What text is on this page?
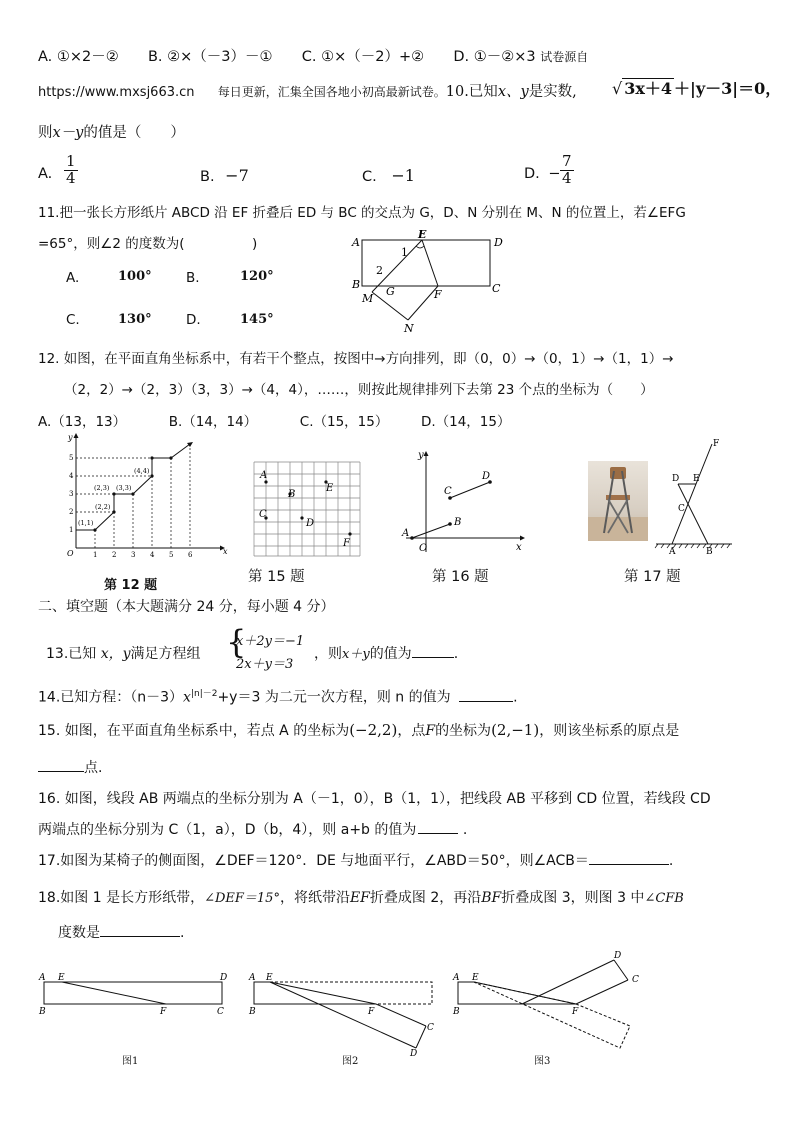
A. ①×2－② B. ②×（－3）－① C. ①×（－2）+② D. ①－②×3 试卷源自
https://www.mxsj663.cn 每日更新，汇集全国各地小初高最新试卷。10.已知x、y是实数, √ 3x＋4 ＋|y－3|＝0，
则x－y的值是（　　）
A. $\frac{1}{4}$	B. −7	C. −1	D. − $\frac{7}{4}$
11.把一张长方形纸片 ABCD 沿 EF 折叠后 ED 与 BC 的交点为 G，D、N 分别在 M、N 的位置上，若∠EFG
=65°，则∠2 的度数为(　　　　　)
A.	100°	B.	120°
C.	130°	D.	145°
A
E
D
1
2
B
G
M	F	C
N
12. 如图，在平面直角坐标系中，有若干个整点，按图中→方向排列，即（0，0）→（0，1）→（1，1）→
（2，2）→（2，3）（3，3）→（4，4），……，则按此规律排列下去第 23 个点的坐标为（　　）
A.（13，13）	B.（14，14）	C.（15，15） D.（14，15）
y
x
O	1 2 3 4 5 6
1
2
3
4
5
(1,1)
(2,2)
(2,3) (3,3)
(4,4)
第 12 题
A
B
C
D
E
F
第 15 题
y
x
O
A
B
C
D
第 16 题
F
D E
C
A	B
第 17 题
二、填空题（本大题满分 24 分，每小题 4 分）
13.已知 x，y满足方程组 {
x＋2y＝−1
2x＋y＝3
，则x＋y的值为	.
14.已知方程：$(n-3)x^{|n|-2}+y=3$ 为二元一次方程，则 n 的值为	.
15. 如图，在平面直角坐标系中，若点 A 的坐标为(−2,2)，点F的坐标为(2,−1)，则该坐标系的原点是
点.
16. 如图，线段 AB 两端点的坐标分别为 A（－1，0），B（1，1），把线段 AB 平移到 CD 位置，若线段 CD
两端点的坐标分别为 C（1，a），D（b，4），则 a+b 的值为	.
17.如图为某椅子的侧面图，∠DEF＝120°．DE 与地面平行，∠ABD＝50°，则∠ACB＝	.
18.如图 1 是长方形纸带，∠DEF＝15°，将纸带沿EF折叠成图 2，再沿BF折叠成图 3，则图 3 中∠CFB
度数是	.
A E	D
B	F	C
图1
A E
B	F
C
D
图2
A E
B	F
D
C
图3
